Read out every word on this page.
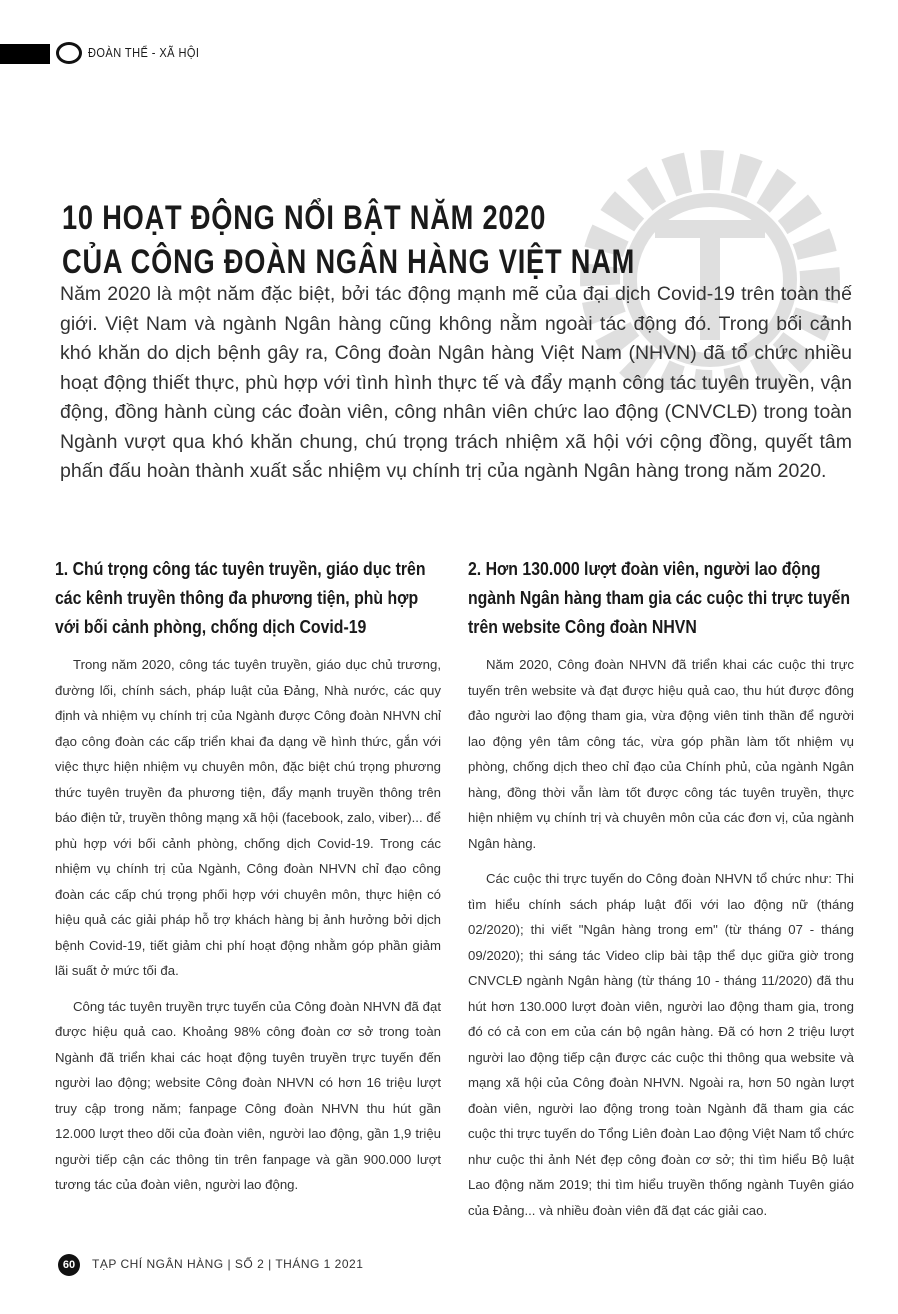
ĐOÀN THỂ - XÃ HỘI
10 HOẠT ĐỘNG NỔI BẬT NĂM 2020
CỦA CÔNG ĐOÀN NGÂN HÀNG VIỆT NAM
Năm 2020 là một năm đặc biệt, bởi tác động mạnh mẽ của đại dịch Covid-19 trên toàn thế giới. Việt Nam và ngành Ngân hàng cũng không nằm ngoài tác động đó. Trong bối cảnh khó khăn do dịch bệnh gây ra, Công đoàn Ngân hàng Việt Nam (NHVN) đã tổ chức nhiều hoạt động thiết thực, phù hợp với tình hình thực tế và đẩy mạnh công tác tuyên truyền, vận động, đồng hành cùng các đoàn viên, công nhân viên chức lao động (CNVCLĐ) trong toàn Ngành vượt qua khó khăn chung, chú trọng trách nhiệm xã hội với cộng đồng, quyết tâm phấn đấu hoàn thành xuất sắc nhiệm vụ chính trị của ngành Ngân hàng trong năm 2020.
1. Chú trọng công tác tuyên truyền, giáo dục trên các kênh truyền thông đa phương tiện, phù hợp với bối cảnh phòng, chống dịch Covid-19

Trong năm 2020, công tác tuyên truyền, giáo dục chủ trương, đường lối, chính sách, pháp luật của Đảng, Nhà nước, các quy định và nhiệm vụ chính trị của Ngành được Công đoàn NHVN chỉ đạo công đoàn các cấp triển khai đa dạng về hình thức, gắn với việc thực hiện nhiệm vụ chuyên môn, đặc biệt chú trọng phương thức tuyên truyền đa phương tiện, đẩy mạnh truyền thông trên báo điện tử, truyền thông mạng xã hội (facebook, zalo, viber)... để phù hợp với bối cảnh phòng, chống dịch Covid-19. Trong các nhiệm vụ chính trị của Ngành, Công đoàn NHVN chỉ đạo công đoàn các cấp chú trọng phối hợp với chuyên môn, thực hiện có hiệu quả các giải pháp hỗ trợ khách hàng bị ảnh hưởng bởi dịch bệnh Covid-19, tiết giảm chi phí hoạt động nhằm góp phần giảm lãi suất ở mức tối đa.

Công tác tuyên truyền trực tuyến của Công đoàn NHVN đã đạt được hiệu quả cao. Khoảng 98% công đoàn cơ sở trong toàn Ngành đã triển khai các hoạt động tuyên truyền trực tuyến đến người lao động; website Công đoàn NHVN có hơn 16 triệu lượt truy cập trong năm; fanpage Công đoàn NHVN thu hút gần 12.000 lượt theo dõi của đoàn viên, người lao động, gần 1,9 triệu người tiếp cận các thông tin trên fanpage và gần 900.000 lượt tương tác của đoàn viên, người lao động.

2. Hơn 130.000 lượt đoàn viên, người lao động ngành Ngân hàng tham gia các cuộc thi trực tuyến trên website Công đoàn NHVN

Năm 2020, Công đoàn NHVN đã triển khai các cuộc thi trực tuyến trên website và đạt được hiệu quả cao, thu hút được đông đảo người lao động tham gia, vừa động viên tinh thần để người lao động yên tâm công tác, vừa góp phần làm tốt nhiệm vụ phòng, chống dịch theo chỉ đạo của Chính phủ, của ngành Ngân hàng, đồng thời vẫn làm tốt được công tác tuyên truyền, thực hiện nhiệm vụ chính trị và chuyên môn của các đơn vị, của ngành Ngân hàng.

Các cuộc thi trực tuyến do Công đoàn NHVN tổ chức như: Thi tìm hiểu chính sách pháp luật đối với lao động nữ (tháng 02/2020); thi viết "Ngân hàng trong em" (từ tháng 07 - tháng 09/2020); thi sáng tác Video clip bài tập thể dục giữa giờ trong CNVCLĐ ngành Ngân hàng (từ tháng 10 - tháng 11/2020) đã thu hút hơn 130.000 lượt đoàn viên, người lao động tham gia, trong đó có cả con em của cán bộ ngân hàng. Đã có hơn 2 triệu lượt người lao động tiếp cận được các cuộc thi thông qua website và mạng xã hội của Công đoàn NHVN. Ngoài ra, hơn 50 ngàn lượt đoàn viên, người lao động trong toàn Ngành đã tham gia các cuộc thi trực tuyến do Tổng Liên đoàn Lao động Việt Nam tổ chức như cuộc thi ảnh Nét đẹp công đoàn cơ sở; thi tìm hiểu Bộ luật Lao động năm 2019; thi tìm hiểu truyền thống ngành Tuyên giáo của Đảng... và nhiều đoàn viên đã đạt các giải cao.

60	TẠP CHÍ NGÂN HÀNG | SỐ 2 | THÁNG 1 2021
